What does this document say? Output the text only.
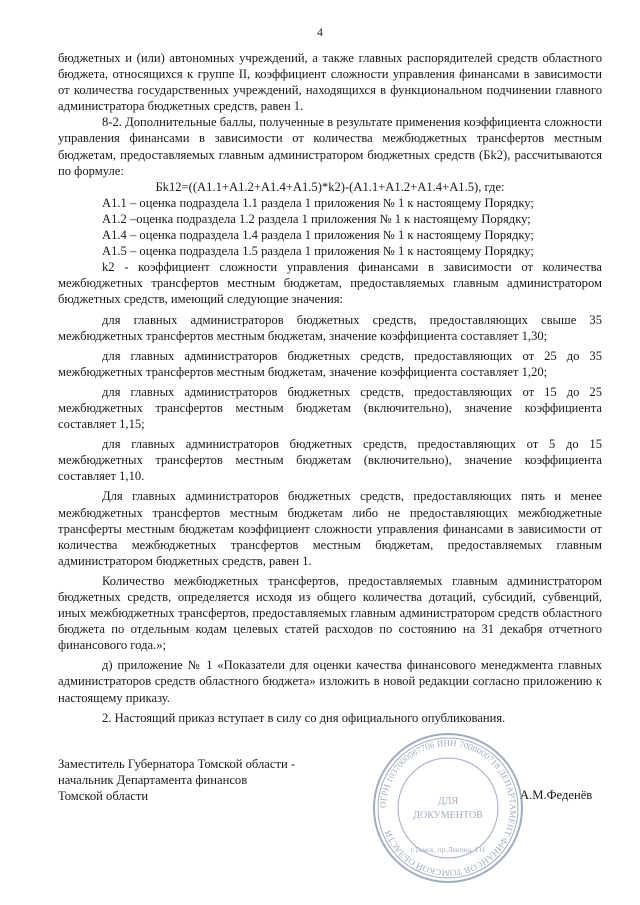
4

бюджетных и (или) автономных учреждений, а также главных распорядителей средств областного бюджета, относящихся к группе II, коэффициент сложности управления финансами в зависимости от количества государственных учреждений, находящихся в функциональном подчинении главного администратора бюджетных средств, равен 1.

8-2. Дополнительные баллы, полученные в результате применения коэффициента сложности управления финансами в зависимости от количества межбюджетных трансфертов местным бюджетам, предоставляемых главным администратором бюджетных средств (Бk2), рассчитываются по формуле:

Бk12=((А1.1+А1.2+А1.4+А1.5)*k2)-(А1.1+А1.2+А1.4+А1.5), где:

А1.1 – оценка подраздела 1.1 раздела 1 приложения № 1 к настоящему Порядку;

А1.2 –оценка подраздела 1.2 раздела 1 приложения № 1 к настоящему Порядку;

А1.4 – оценка подраздела 1.4 раздела 1 приложения № 1 к настоящему Порядку;

А1.5 – оценка подраздела 1.5 раздела 1 приложения № 1 к настоящему Порядку;

k2 - коэффициент сложности управления финансами в зависимости от количества межбюджетных трансфертов местным бюджетам, предоставляемых главным администратором бюджетных средств, имеющий следующие значения:

для главных администраторов бюджетных средств, предоставляющих свыше 35 межбюджетных трансфертов местным бюджетам, значение коэффициента составляет 1,30;

для главных администраторов бюджетных средств, предоставляющих от 25 до 35 межбюджетных трансфертов местным бюджетам, значение коэффициента составляет 1,20;

для главных администраторов бюджетных средств, предоставляющих от 15 до 25 межбюджетных трансфертов местным бюджетам (включительно), значение коэффициента составляет 1,15;

для главных администраторов бюджетных средств, предоставляющих от 5 до 15 межбюджетных трансфертов местным бюджетам (включительно), значение коэффициента составляет 1,10.

Для главных администраторов бюджетных средств, предоставляющих пять и менее межбюджетных трансфертов местным бюджетам либо не предоставляющих межбюджетные трансферты местным бюджетам коэффициент сложности управления финансами в зависимости от количества межбюджетных трансфертов местным бюджетам, предоставляемых главным администратором бюджетных средств, равен 1.

Количество межбюджетных трансфертов, предоставляемых главным администратором бюджетных средств, определяется исходя из общего количества дотаций, субсидий, субвенций, иных межбюджетных трансфертов, предоставляемых главным администратором средств областного бюджета по отдельным кодам целевых статей расходов по состоянию на 31 декабря отчетного финансового года.»;

д) приложение № 1 «Показатели для оценки качества финансового менеджмента главных администраторов средств областного бюджета» изложить в новой редакции согласно приложению к настоящему приказу.

2. Настоящий приказ вступает в силу со дня официального опубликования.

Заместитель Губернатора Томской области -
начальник Департамента финансов
Томской области	А.М.Феденёв
ОГРН 1037000087706 ИНН 7000000718 ДЕПАРТАМЕНТ ФИНАНСОВ ТОМСКОЙ ОБЛАСТИ
ДЛЯ
ДОКУМЕНТОВ
г.Томск, пр.Ленина, 111
